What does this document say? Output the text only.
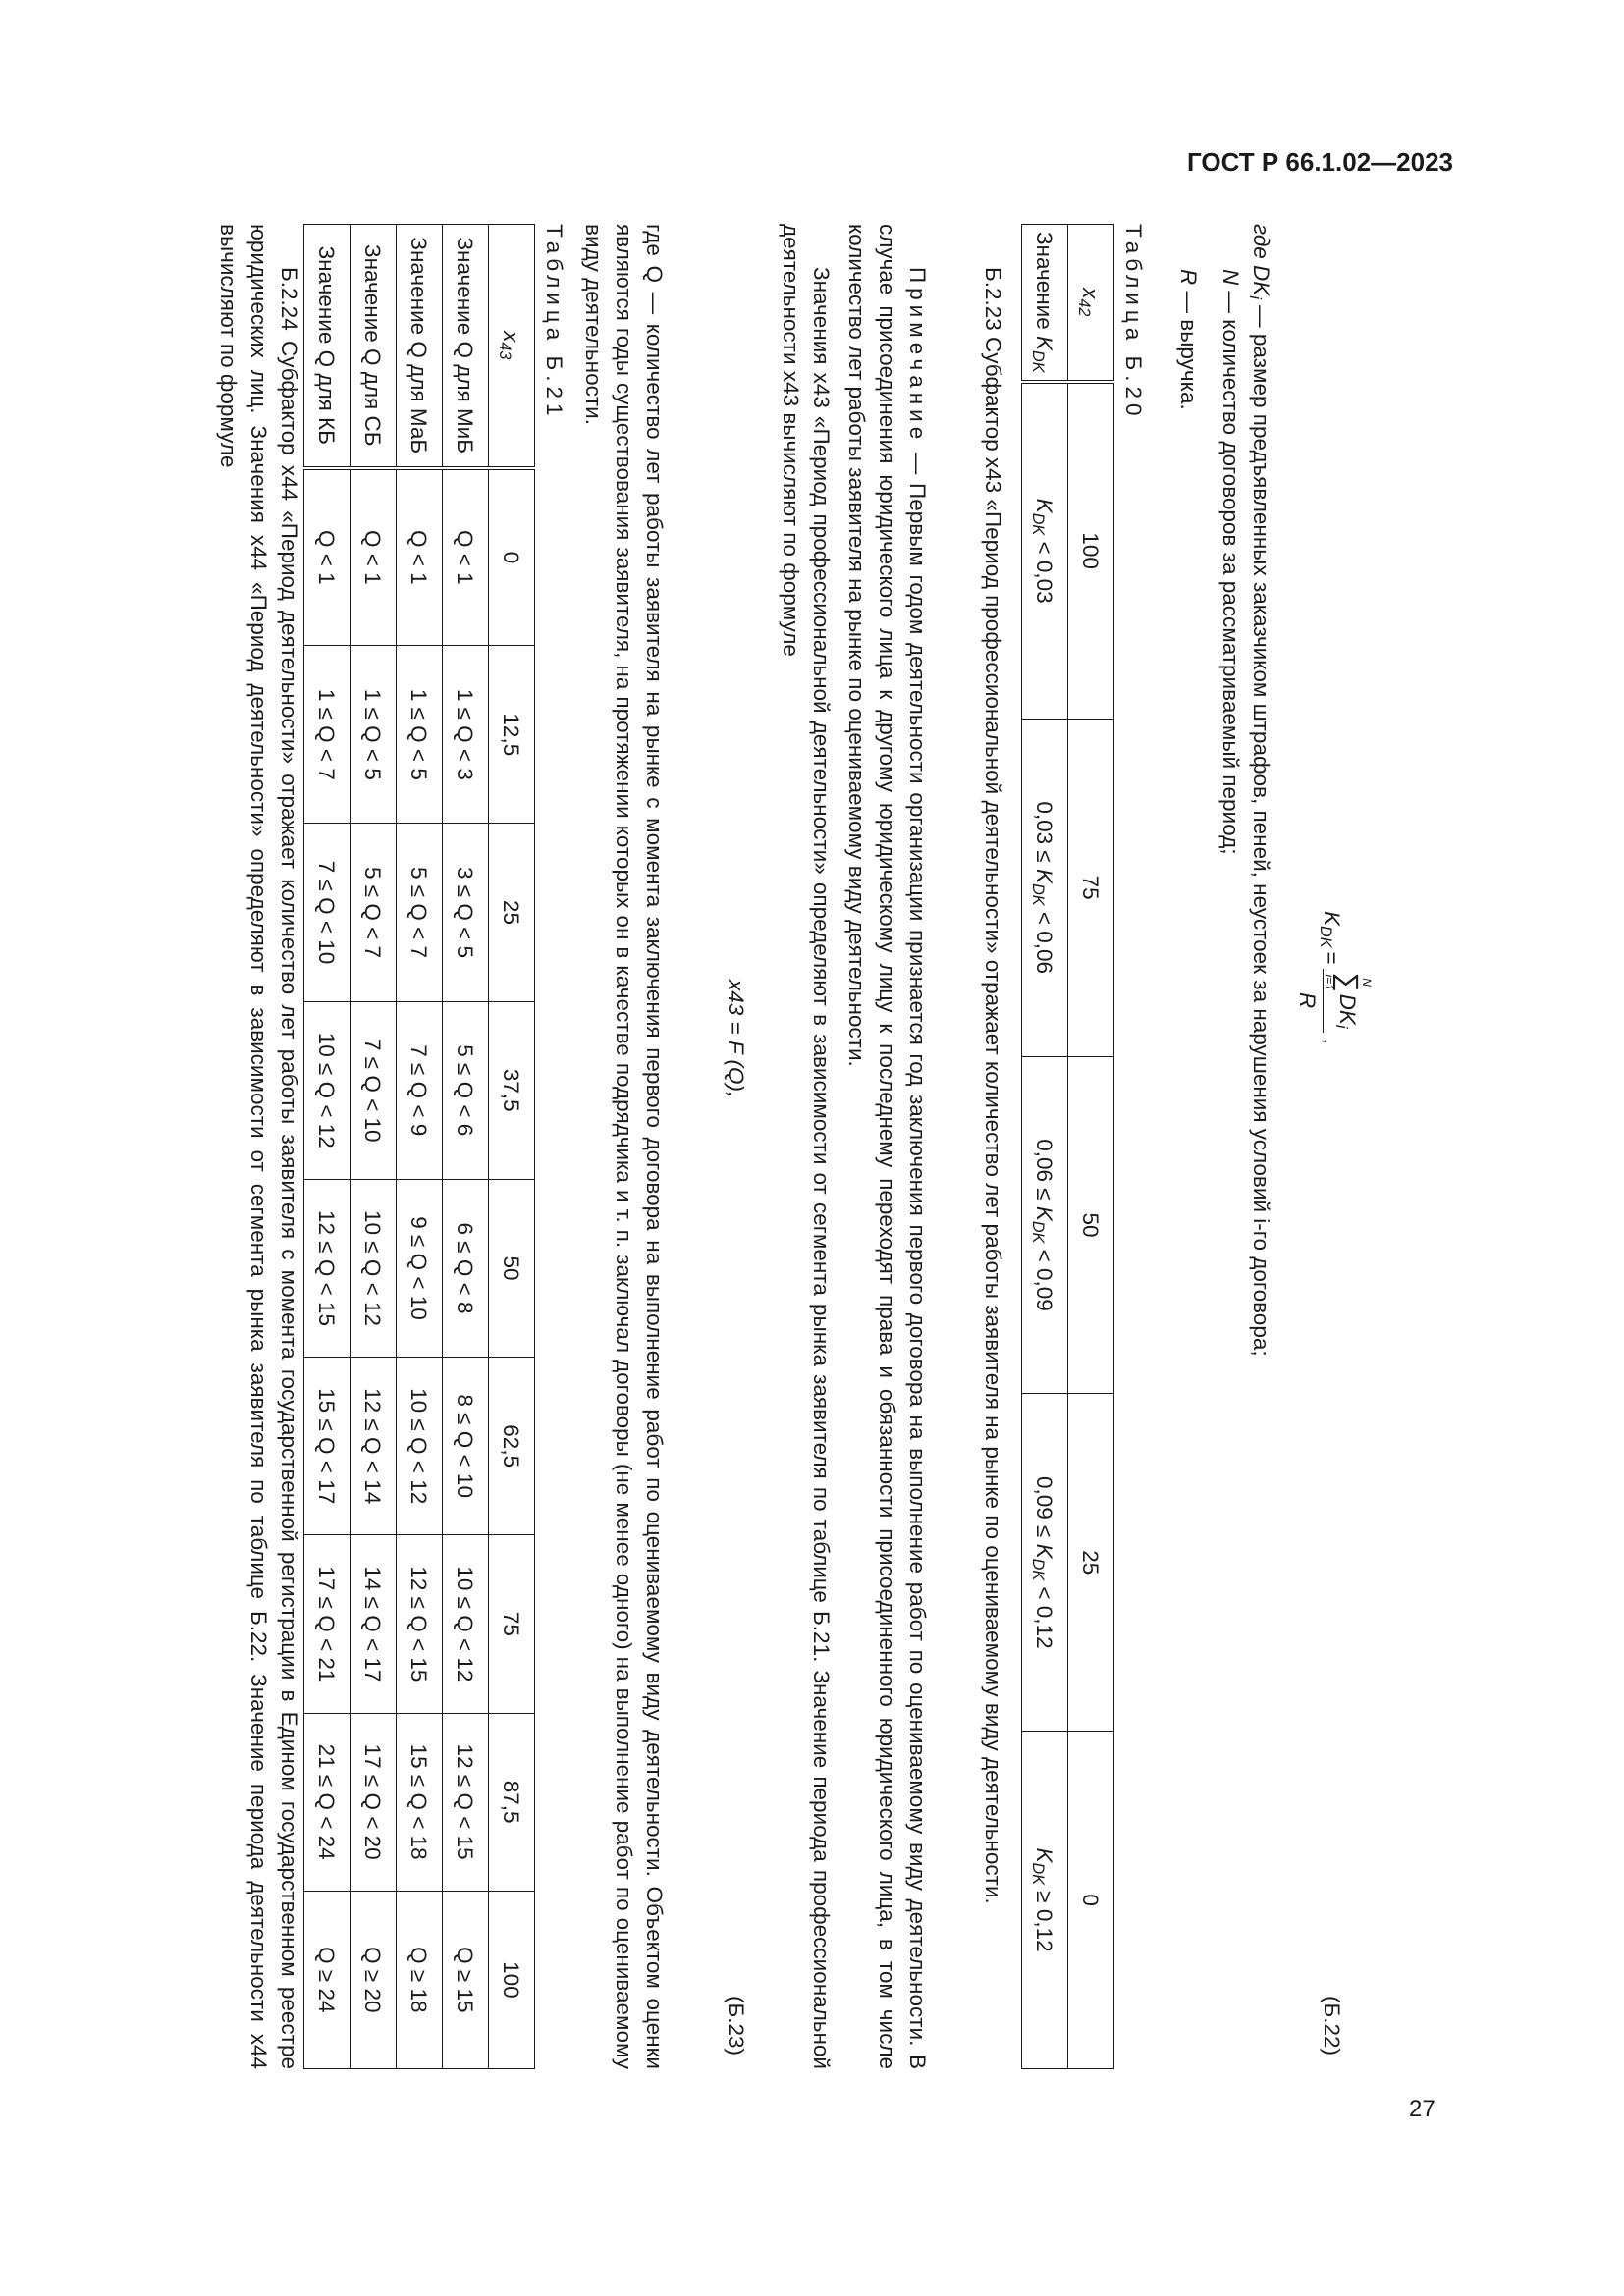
ГОСТ Р 66.1.02—2023
$K_{DK}$
=
N
∑
i=1
$DK_i$
R
,
(Б.22)

где $DK_i$ — размер предъявленных заказчиком штрафов, пеней, неустоек за нарушения условий i-го договора;

N — количество договоров за рассматриваемый период;

R — выручка.

Таблица Б.20
$x_{42}$	100	75	50	25	0
Значение $K_{DK}$	$K_{DK} < 0,03$	$0,03 \le K_{DK} < 0,06$	$0,06 \le K_{DK} < 0,09$	$0,09 \le K_{DK} < 0,12$	$K_{DK} \ge 0,12$
Б.2.23 Субфактор x43 «Период профессиональной деятельности» отражает количество лет работы заявителя на рынке по оцениваемому виду деятельности.
Примечание — Первым годом деятельности организации признается год заключения первого договора на выполнение работ по оцениваемому виду деятельности. В случае присоединения юридического лица к другому юридическому лицу к последнему переходят права и обязанности присоединенного юридического лица, в том числе количество лет работы заявителя на рынке по оцениваемому виду деятельности.
Значения x43 «Период профессиональной деятельности» определяют в зависимости от сегмента рынка заявителя по таблице Б.21. Значение периода профессиональной деятельности x43 вычисляют по формуле
x43 = F (Q),
(Б.23)
где Q — количество лет работы заявителя на рынке с момента заключения первого договора на выполнение работ по оцениваемому виду деятельности. Объектом оценки являются годы существования заявителя, на протяжении которых он в качестве подрядчика и т. п. заключал договоры (не менее одного) на выполнение работ по оцениваемому виду деятельности.
Таблица Б.21
$x_{43}$	0	12,5	25	37,5	50	62,5	75	87,5	100
Значение Q для МиБ	Q < 1	1 ≤ Q < 3	3 ≤ Q < 5	5 ≤ Q < 6	6 ≤ Q < 8	8 ≤ Q < 10	10 ≤ Q < 12	12 ≤ Q < 15	Q ≥ 15
Значение Q для МаБ	Q < 1	1 ≤ Q < 5	5 ≤ Q < 7	7 ≤ Q < 9	9 ≤ Q < 10	10 ≤ Q < 12	12 ≤ Q < 15	15 ≤ Q < 18	Q ≥ 18
Значение Q для СБ	Q < 1	1 ≤ Q < 5	5 ≤ Q < 7	7 ≤ Q < 10	10 ≤ Q < 12	12 ≤ Q < 14	14 ≤ Q < 17	17 ≤ Q < 20	Q ≥ 20
Значение Q для КБ	Q < 1	1 ≤ Q < 7	7 ≤ Q < 10	10 ≤ Q < 12	12 ≤ Q < 15	15 ≤ Q < 17	17 ≤ Q < 21	21 ≤ Q < 24	Q ≥ 24
Б.2.24 Субфактор x44 «Период деятельности» отражает количество лет работы заявителя с момента государственной регистрации в Едином государственном реестре юридических лиц. Значения x44 «Период деятельности» определяют в зависимости от сегмента рынка заявителя по таблице Б.22. Значение периода деятельности x44 вычисляют по формуле
27
